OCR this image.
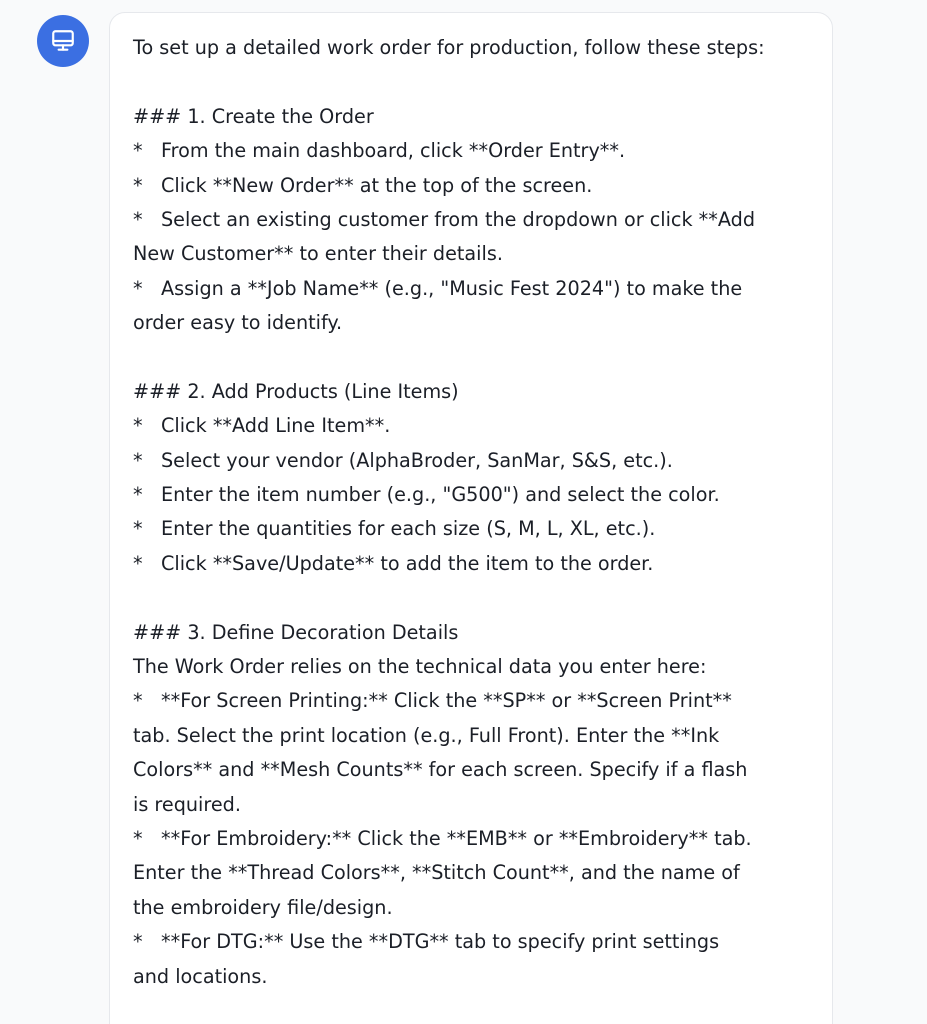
To set up a detailed work order for production, follow these steps:
### 1. Create the Order
* From the main dashboard, click **Order Entry**.
* Click **New Order** at the top of the screen.
* Select an existing customer from the dropdown or click **Add
New Customer** to enter their details.
* Assign a **Job Name** (e.g., "Music Fest 2024") to make the
order easy to identify.
### 2. Add Products (Line Items)
* Click **Add Line Item**.
* Select your vendor (AlphaBroder, SanMar, S&S, etc.).
* Enter the item number (e.g., "G500") and select the color.
* Enter the quantities for each size (S, M, L, XL, etc.).
* Click **Save/Update** to add the item to the order.
### 3. Define Decoration Details
The Work Order relies on the technical data you enter here:
* **For Screen Printing:** Click the **SP** or **Screen Print**
tab. Select the print location (e.g., Full Front). Enter the **Ink
Colors** and **Mesh Counts** for each screen. Specify if a flash
is required.
* **For Embroidery:** Click the **EMB** or **Embroidery** tab.
Enter the **Thread Colors**, **Stitch Count**, and the name of
the embroidery file/design.
* **For DTG:** Use the **DTG** tab to specify print settings
and locations.
